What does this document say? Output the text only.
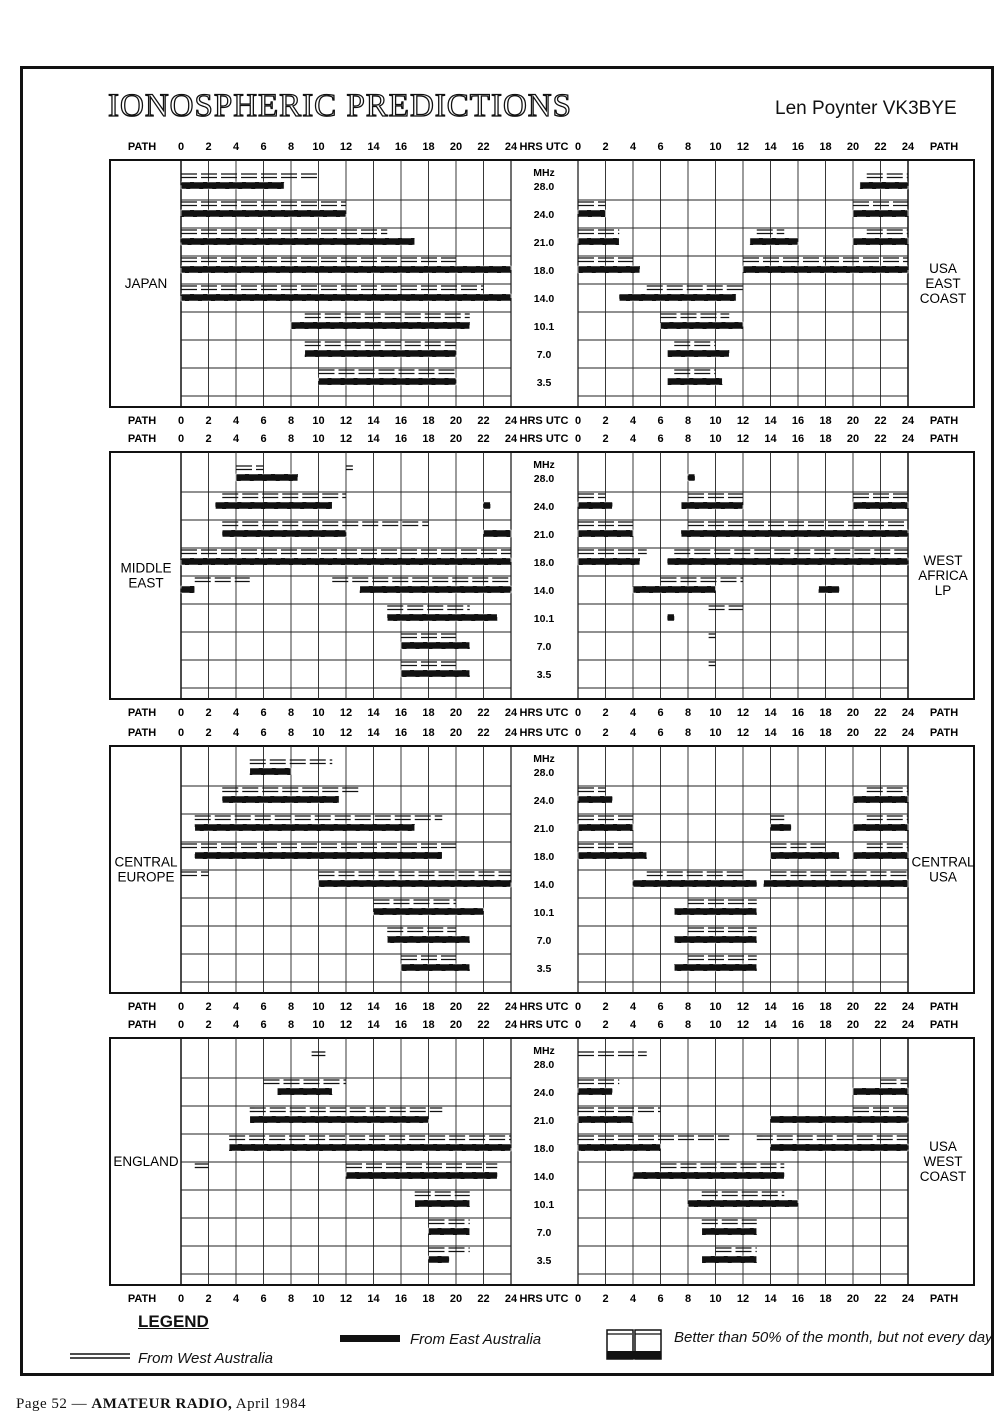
IONOSPHERIC PREDICTIONS	Len Poynter VK3BYE
28.0
24.0
21.0
18.0
14.0
10.1
7.0
3.5
MHz
PATH	PATH
0	0
2	2
4	4
6	6
8	8
10	10
12	12
14	14
16	16
18	18
20	20
22	22
24	24
HRS UTC
PATH	PATH
0	0
2	2
4	4
6	6
8	8
10	10
12	12
14	14
16	16
18	18
20	20
22	22
24	24
HRS UTC
JAPAN
USA
EAST
COAST
28.0
24.0
21.0
18.0
14.0
10.1
7.0
3.5
MHz
PATH	PATH
0	0
2	2
4	4
6	6
8	8
10	10
12	12
14	14
16	16
18	18
20	20
22	22
24	24
HRS UTC
PATH	PATH
0	0
2	2
4	4
6	6
8	8
10	10
12	12
14	14
16	16
18	18
20	20
22	22
24	24
HRS UTC
MIDDLE
EAST
WEST
AFRICA
LP
28.0
24.0
21.0
18.0
14.0
10.1
7.0
3.5
MHz
PATH	PATH
0	0
2	2
4	4
6	6
8	8
10	10
12	12
14	14
16	16
18	18
20	20
22	22
24	24
HRS UTC
PATH	PATH
0	0
2	2
4	4
6	6
8	8
10	10
12	12
14	14
16	16
18	18
20	20
22	22
24	24
HRS UTC
CENTRAL
EUROPE
CENTRAL
USA
28.0
24.0
21.0
18.0
14.0
10.1
7.0
3.5
MHz
PATH	PATH
0	0
2	2
4	4
6	6
8	8
10	10
12	12
14	14
16	16
18	18
20	20
22	22
24	24
HRS UTC
PATH	PATH
0	0
2	2
4	4
6	6
8	8
10	10
12	12
14	14
16	16
18	18
20	20
22	22
24	24
HRS UTC
ENGLAND
USA
WEST
COAST
LEGEND
From West Australia
From East Australia	Better than 50% of the month, but not every day
Page 52 — AMATEUR RADIO, April 1984
